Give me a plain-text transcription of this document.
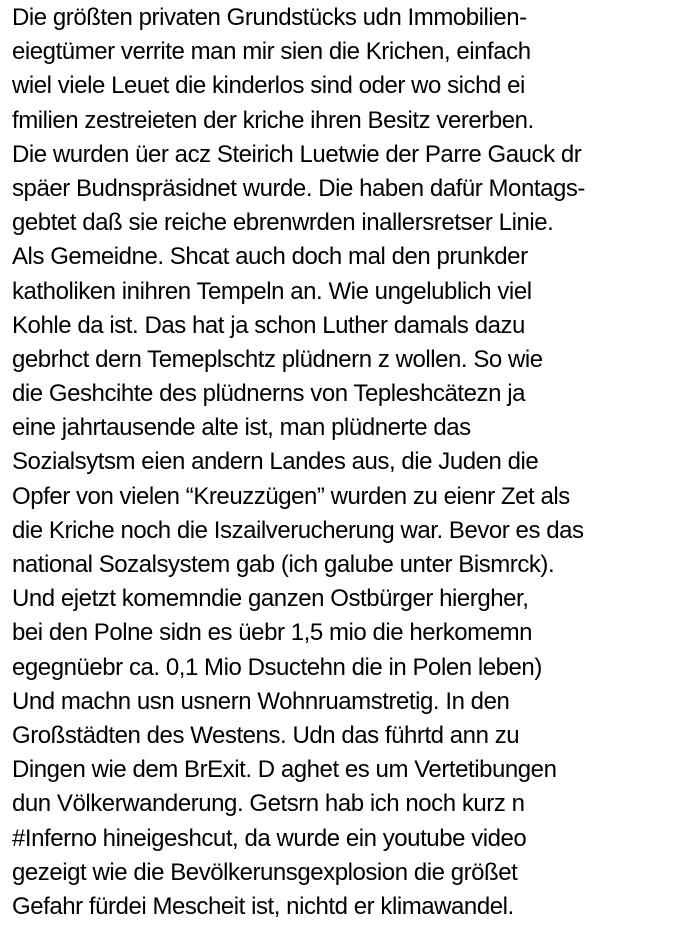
Die größten privaten Grundstücks udn Immobilien-
eiegtümer verrite man mir sien die Krichen, einfach
wiel viele Leuet die kinderlos sind oder wo sichd ei
fmilien zestreieten der kriche ihren Besitz vererben.
Die wurden üer acz Steirich Luetwie der Parre Gauck dr
späer Budnspräsidnet wurde. Die haben dafür Montags-
gebtet daß sie reiche ebrenwrden inallersretser Linie.
Als Gemeidne. Shcat auch doch mal den prunkder
katholiken inihren Tempeln an. Wie ungelublich viel
Kohle da ist. Das hat ja schon Luther damals dazu
gebrhct dern Temeplschtz plüdnern z wollen. So wie
die Geshcihte des plüdnerns von Tepleshcätezn ja
eine jahrtausende alte ist, man plüdnerte das
Sozialsytsm eien andern Landes aus, die Juden die
Opfer von vielen “Kreuzzügen” wurden zu eienr Zet als
die Kriche noch die Iszailverucherung war. Bevor es das
national Sozalsystem gab (ich galube unter Bismrck).
Und ejetzt komemndie ganzen Ostbürger hiergher,
bei den Polne sidn es üebr 1,5 mio die herkomemn
egegnüebr ca. 0,1 Mio Dsuctehn die in Polen leben)
Und machn usn usnern Wohnruamstretig. In den
Großstädten des Westens. Udn das führtd ann zu
Dingen wie dem BrExit. D aghet es um Vertetibungen
dun Völkerwanderung. Getsrn hab ich noch kurz n
#Inferno hineigeshcut, da wurde ein youtube video
gezeigt wie die Bevölkerunsgexplosion die größet
Gefahr fürdei Mescheit ist, nichtd er klimawandel.
